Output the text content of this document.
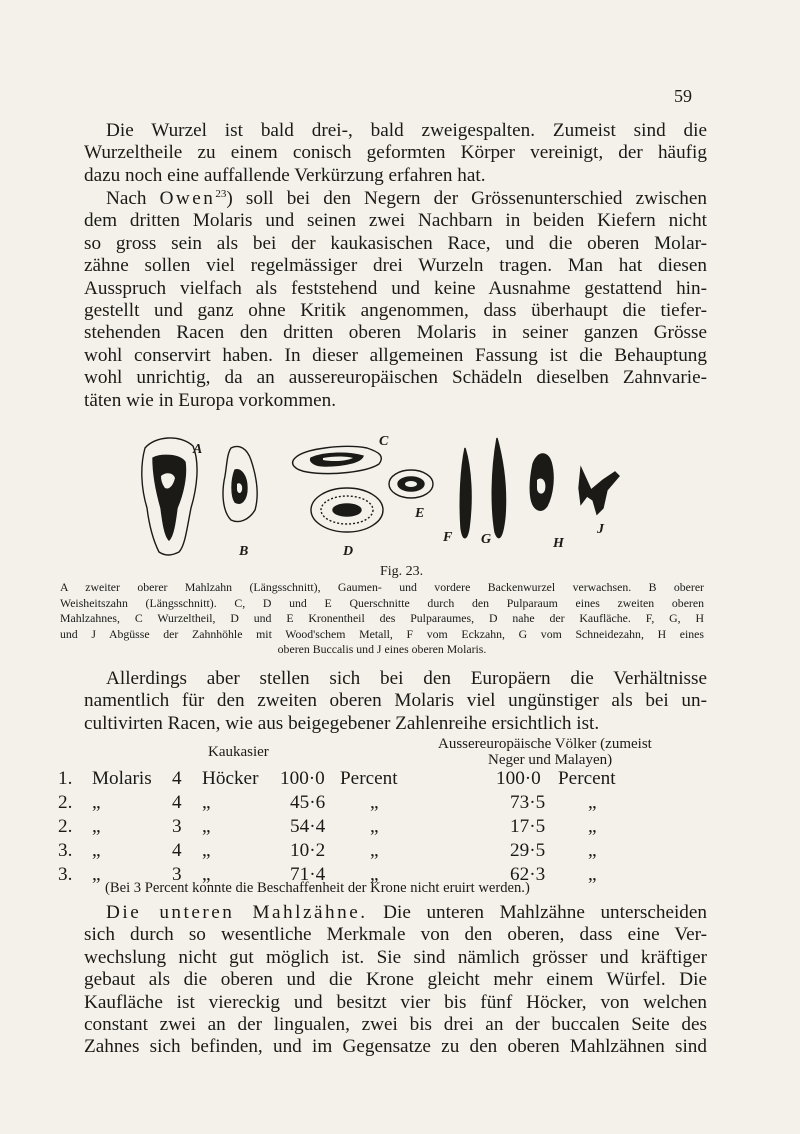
59
Die Wurzel ist bald drei-, bald zweigespalten. Zumeist sind die
Wurzeltheile zu einem conisch geformten Körper vereinigt, der häufig
dazu noch eine auffallende Verkürzung erfahren hat.
Nach Owen$^{23}$) soll bei den Negern der Grössenunterschied zwischen
dem dritten Molaris und seinen zwei Nachbarn in beiden Kiefern nicht
so gross sein als bei der kaukasischen Race, und die oberen Molar-
zähne sollen viel regelmässiger drei Wurzeln tragen. Man hat diesen
Ausspruch vielfach als feststehend und keine Ausnahme gestattend hin-
gestellt und ganz ohne Kritik angenommen, dass überhaupt die tiefer-
stehenden Racen den dritten oberen Molaris in seiner ganzen Grösse
wohl conservirt haben. In dieser allgemeinen Fassung ist die Behauptung
wohl unrichtig, da an aussereuropäischen Schädeln dieselben Zahnvarie-
täten wie in Europa vorkommen.
A
B
C
D
E
F G	H
J
Fig. 23.
A zweiter oberer Mahlzahn (Längsschnitt), Gaumen- und vordere Backenwurzel verwachsen. B oberer
Weisheitszahn (Längsschnitt). C, D und E Querschnitte durch den Pulparaum eines zweiten oberen
Mahlzahnes, C Wurzeltheil, D und E Kronentheil des Pulparaumes, D nahe der Kaufläche. F, G, H
und J Abgüsse der Zahnhöhle mit Wood'schem Metall, F vom Eckzahn, G vom Schneidezahn, H eines
oberen Buccalis und J eines oberen Molaris.
Allerdings aber stellen sich bei den Europäern die Verhältnisse
namentlich für den zweiten oberen Molaris viel ungünstiger als bei un-
cultivirten Racen, wie aus beigegebener Zahlenreihe ersichtlich ist.
Kaukasier	Aussereuropäische Völker (zumeist
Neger und Malayen)
1. Molaris 4 Höcker 100·0 Percent	100·0 Percent
2. „	4 „	45·6 „	73·5 „
2. „	3 „	54·4 „	17·5 „
3. „	4 „	10·2 „	29·5 „
3. „	3 „	71·4 „	62·3 „
(Bei 3 Percent konnte die Beschaffenheit der Krone nicht eruirt werden.)
Die unteren Mahlzähne. Die unteren Mahlzähne unterscheiden
sich durch so wesentliche Merkmale von den oberen, dass eine Ver-
wechslung nicht gut möglich ist. Sie sind nämlich grösser und kräftiger
gebaut als die oberen und die Krone gleicht mehr einem Würfel. Die
Kaufläche ist viereckig und besitzt vier bis fünf Höcker, von welchen
constant zwei an der lingualen, zwei bis drei an der buccalen Seite des
Zahnes sich befinden, und im Gegensatze zu den oberen Mahlzähnen sind
